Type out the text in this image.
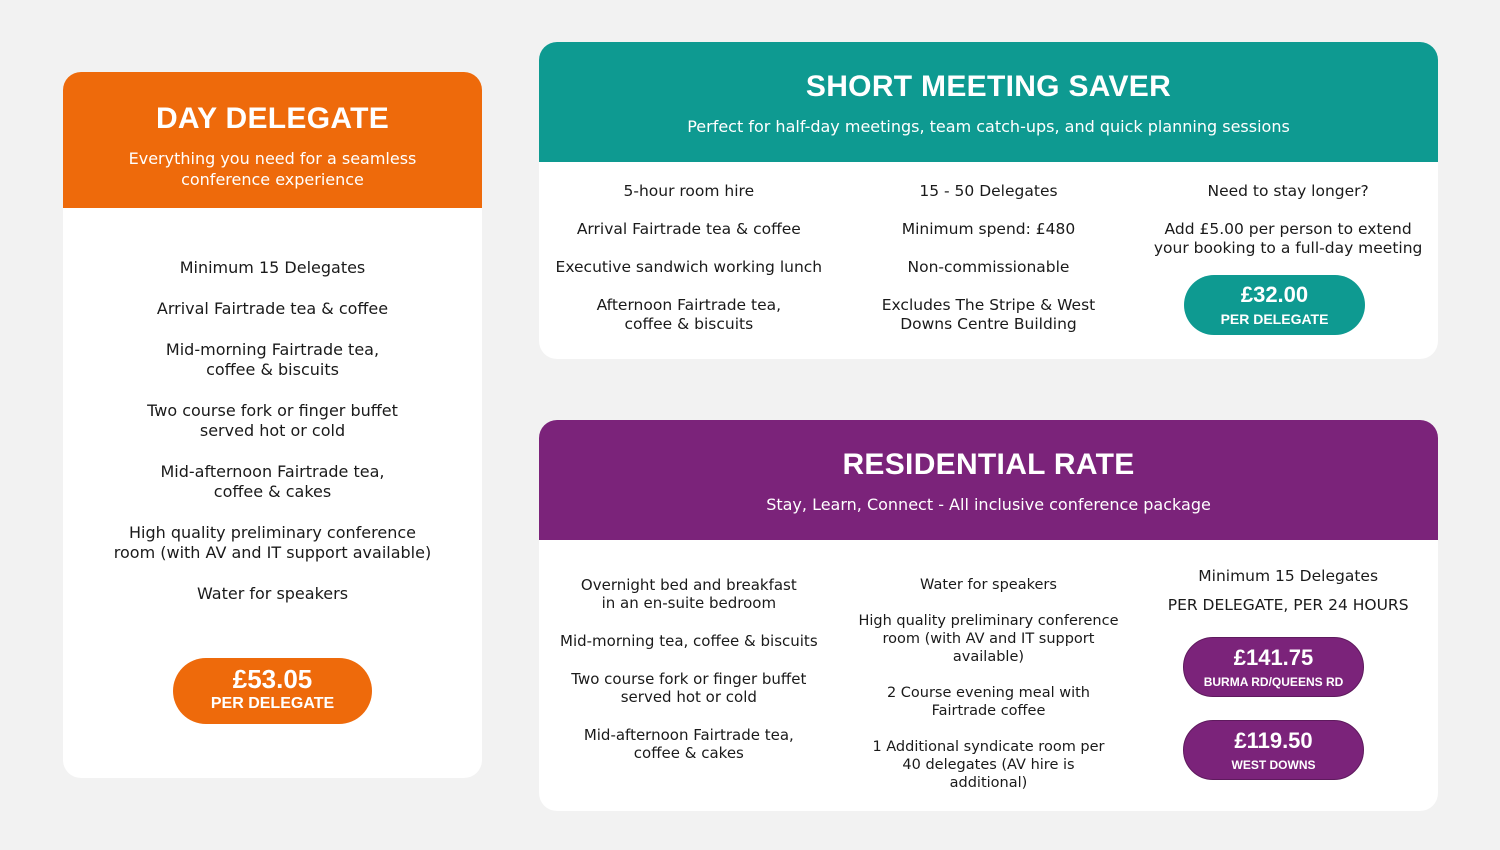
DAY DELEGATE
Everything you need for a seamless conference experience
Minimum 15 Delegates
Arrival Fairtrade tea & coffee
Mid-morning Fairtrade tea, coffee & biscuits
Two course fork or finger buffet served hot or cold
Mid-afternoon Fairtrade tea, coffee & cakes
High quality preliminary conference room (with AV and IT support available)
Water for speakers
£53.05
PER DELEGATE
SHORT MEETING SAVER
Perfect for half-day meetings, team catch-ups, and quick planning sessions
5-hour room hire
Arrival Fairtrade tea & coffee
Executive sandwich working lunch
Afternoon Fairtrade tea, coffee & biscuits
15 - 50 Delegates
Minimum spend: £480
Non-commissionable
Excludes The Stripe & West Downs Centre Building
Need to stay longer?
Add £5.00 per person to extend your booking to a full-day meeting
£32.00
PER DELEGATE
RESIDENTIAL RATE
Stay, Learn, Connect - All inclusive conference package
Overnight bed and breakfast in an en-suite bedroom
Mid-morning tea, coffee & biscuits
Two course fork or finger buffet served hot or cold
Mid-afternoon Fairtrade tea, coffee & cakes
Water for speakers
High quality preliminary conference room (with AV and IT support available)
2 Course evening meal with Fairtrade coffee
1 Additional syndicate room per 40 delegates (AV hire is additional)
Minimum 15 Delegates
PER DELEGATE, PER 24 HOURS
£141.75
BURMA RD/QUEENS RD
£119.50
WEST DOWNS
